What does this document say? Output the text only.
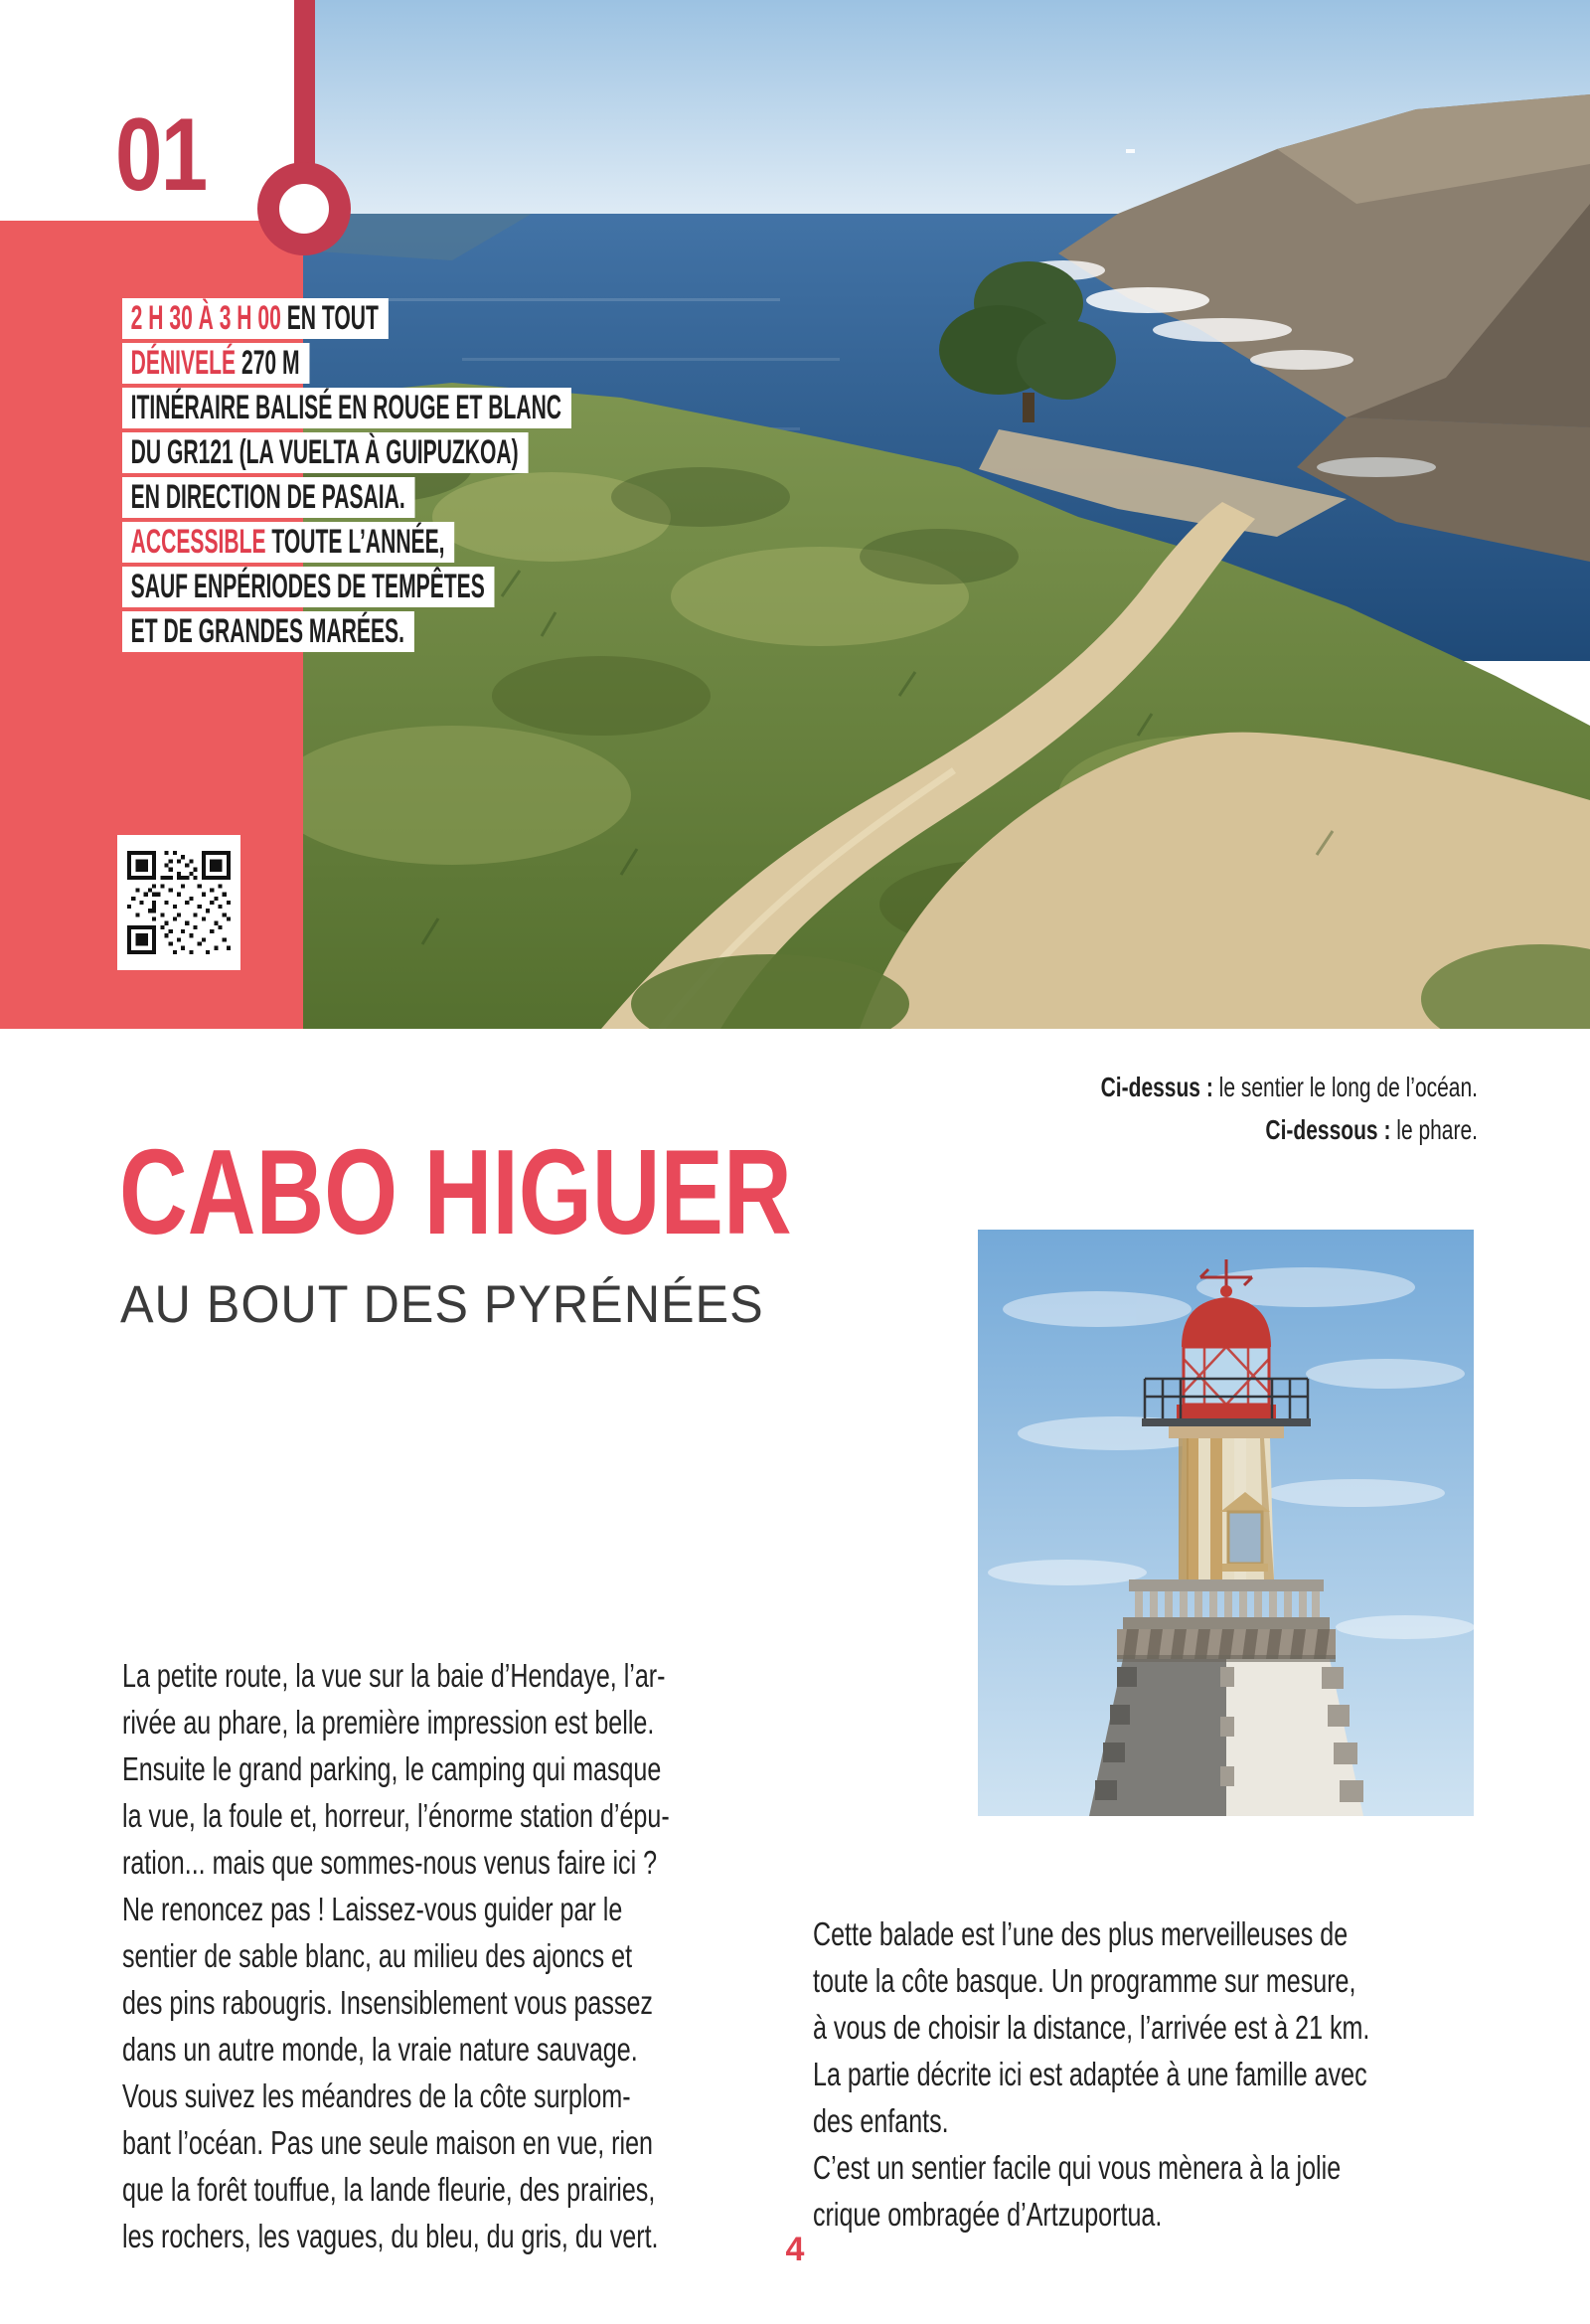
01
2 H 30 À 3 H 00 EN TOUT
DÉNIVELÉ 270 M
ITINÉRAIRE BALISÉ EN ROUGE ET BLANC
DU GR121 (LA VUELTA À GUIPUZKOA)
EN DIRECTION DE PASAIA.
ACCESSIBLE TOUTE L’ANNÉE,
SAUF ENPÉRIODES DE TEMPÊTES
ET DE GRANDES MARÉES.
Ci-dessus : le sentier le long de l’océan.
Ci-dessous : le phare.
CABO HIGUER
AU BOUT DES PYRÉNÉES
La petite route, la vue sur la baie d’Hendaye, l’ar-
rivée au phare, la première impression est belle.
Ensuite le grand parking, le camping qui masque
la vue, la foule et, horreur, l’énorme station d’épu-
ration... mais que sommes-nous venus faire ici ?
Ne renoncez pas ! Laissez-vous guider par le
sentier de sable blanc, au milieu des ajoncs et
des pins rabougris. Insensiblement vous passez
dans un autre monde, la vraie nature sauvage.
Vous suivez les méandres de la côte surplom-
bant l’océan. Pas une seule maison en vue, rien
que la forêt touffue, la lande fleurie, des prairies,
les rochers, les vagues, du bleu, du gris, du vert.
Cette balade est l’une des plus merveilleuses de
toute la côte basque. Un programme sur mesure,
à vous de choisir la distance, l’arrivée est à 21 km.
La partie décrite ici est adaptée à une famille avec
des enfants.
C’est un sentier facile qui vous mènera à la jolie
crique ombragée d’Artzuportua.
4
